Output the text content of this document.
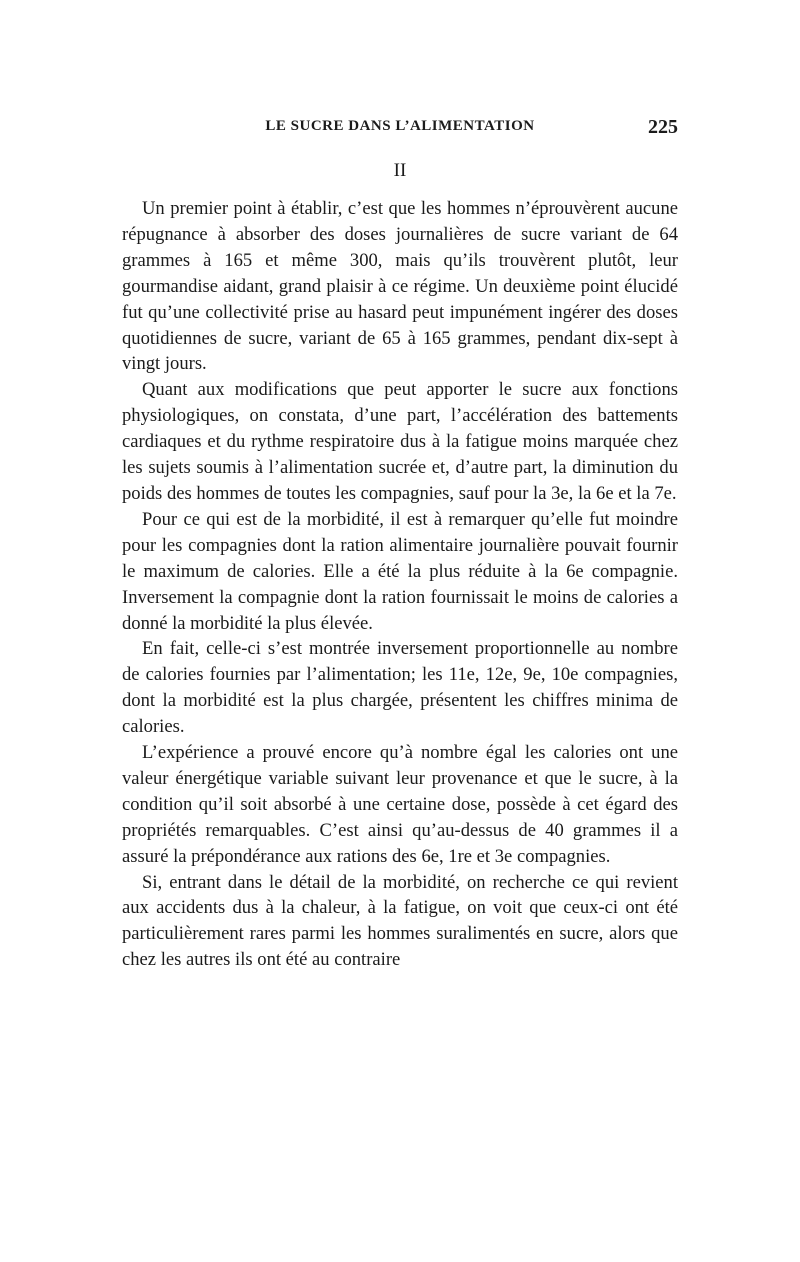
LE SUCRE DANS L’ALIMENTATION	225
II

Un premier point à établir, c’est que les hommes n’éprouvèrent aucune répugnance à absorber des doses journalières de sucre variant de 64 grammes à 165 et même 300, mais qu’ils trouvèrent plutôt, leur gourmandise aidant, grand plaisir à ce régime. Un deuxième point élucidé fut qu’une collectivité prise au hasard peut impunément ingérer des doses quotidiennes de sucre, variant de 65 à 165 grammes, pendant dix-sept à vingt jours.

Quant aux modifications que peut apporter le sucre aux fonctions physiologiques, on constata, d’une part, l’accélération des battements cardiaques et du rythme respiratoire dus à la fatigue moins marquée chez les sujets soumis à l’alimentation sucrée et, d’autre part, la diminution du poids des hommes de toutes les compagnies, sauf pour la 3e, la 6e et la 7e.

Pour ce qui est de la morbidité, il est à remarquer qu’elle fut moindre pour les compagnies dont la ration alimentaire journalière pouvait fournir le maximum de calories. Elle a été la plus réduite à la 6e compagnie. Inversement la compagnie dont la ration fournissait le moins de calories a donné la morbidité la plus élevée.

En fait, celle-ci s’est montrée inversement proportionnelle au nombre de calories fournies par l’alimentation; les 11e, 12e, 9e, 10e compagnies, dont la morbidité est la plus chargée, présentent les chiffres minima de calories.

L’expérience a prouvé encore qu’à nombre égal les calories ont une valeur énergétique variable suivant leur provenance et que le sucre, à la condition qu’il soit absorbé à une certaine dose, possède à cet égard des propriétés remarquables. C’est ainsi qu’au-dessus de 40 grammes il a assuré la prépondérance aux rations des 6e, 1re et 3e compagnies.

Si, entrant dans le détail de la morbidité, on recherche ce qui revient aux accidents dus à la chaleur, à la fatigue, on voit que ceux-ci ont été particulièrement rares parmi les hommes suralimentés en sucre, alors que chez les autres ils ont été au contraire
